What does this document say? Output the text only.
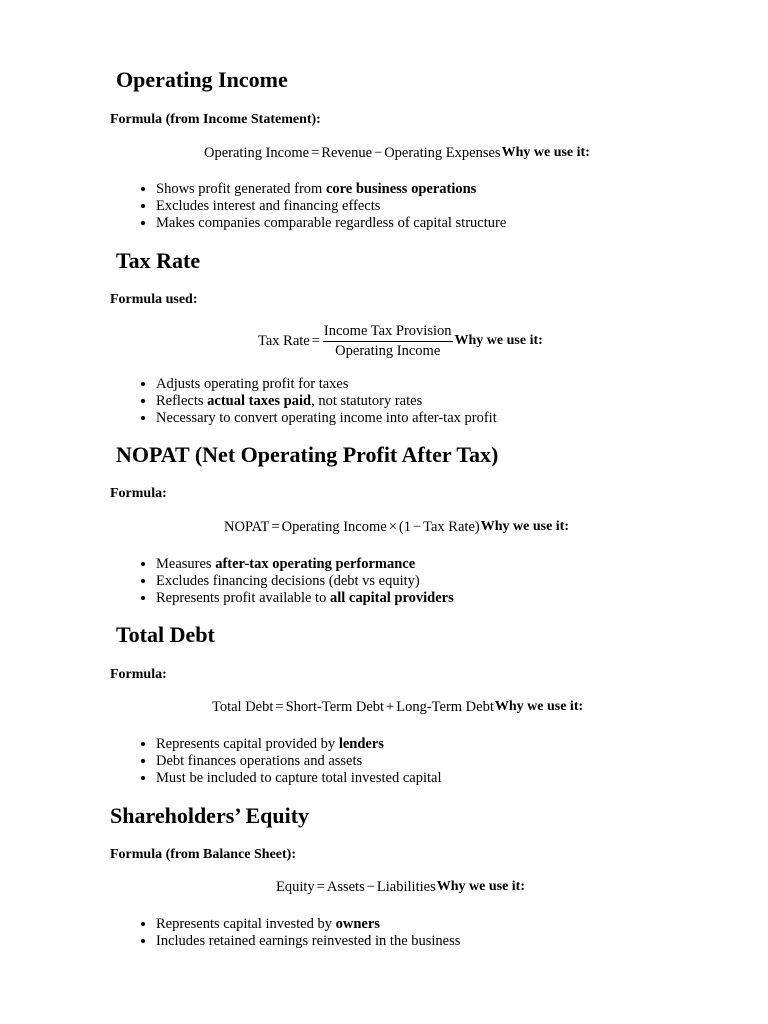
Operating Income
Formula (from Income Statement):
Operating Income = Revenue − Operating Expenses Why we use it:
• Shows profit generated from core business operations
• Excludes interest and financing effects
• Makes companies comparable regardless of capital structure
Tax Rate
Formula used:
Tax Rate = $\frac{\text{Income Tax Provision}}{\text{Operating Income}}$ Why we use it:
• Adjusts operating profit for taxes
• Reflects actual taxes paid, not statutory rates
• Necessary to convert operating income into after-tax profit
NOPAT (Net Operating Profit After Tax)
Formula:
NOPAT = Operating Income × ( 1 − Tax Rate ) Why we use it:
• Measures after-tax operating performance
• Excludes financing decisions (debt vs equity)
• Represents profit available to all capital providers
Total Debt
Formula:
Total Debt = Short-Term Debt + Long-Term Debt Why we use it:
• Represents capital provided by lenders
• Debt finances operations and assets
• Must be included to capture total invested capital
Shareholders’ Equity
Formula (from Balance Sheet):
Equity = Assets − Liabilities Why we use it:
• Represents capital invested by owners
• Includes retained earnings reinvested in the business
